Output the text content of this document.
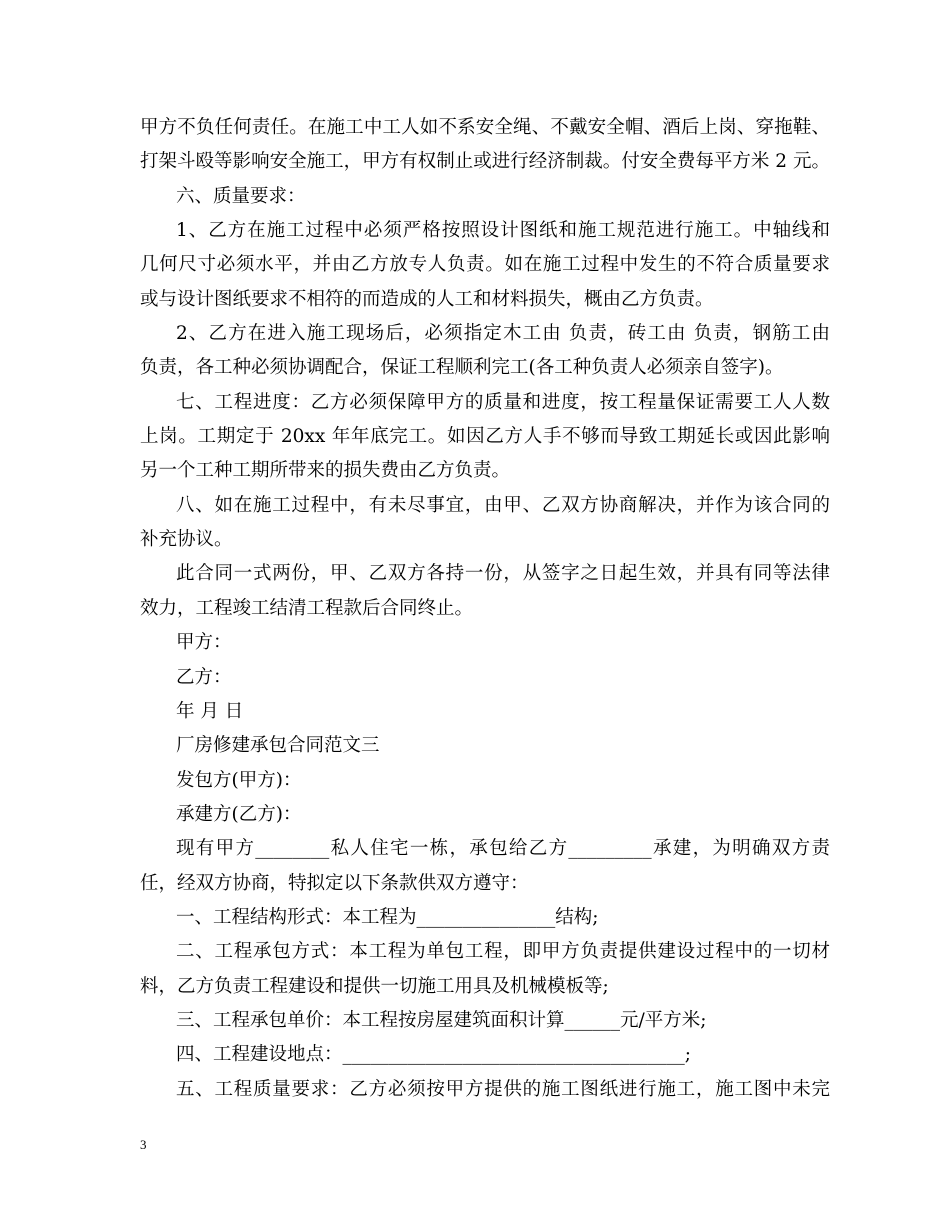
甲方不负任何责任。在施工中工人如不系安全绳、不戴安全帽、酒后上岗、穿拖鞋、
打架斗殴等影响安全施工，甲方有权制止或进行经济制裁。付安全费每平方米 2 元。
六、质量要求：
1、乙方在施工过程中必须严格按照设计图纸和施工规范进行施工。中轴线和
几何尺寸必须水平，并由乙方放专人负责。如在施工过程中发生的不符合质量要求
或与设计图纸要求不相符的而造成的人工和材料损失，概由乙方负责。
2、乙方在进入施工现场后，必须指定木工由 负责，砖工由 负责，钢筋工由
负责，各工种必须协调配合，保证工程顺利完工(各工种负责人必须亲自签字)。
七、工程进度：乙方必须保障甲方的质量和进度，按工程量保证需要工人人数
上岗。工期定于 20xx 年年底完工。如因乙方人手不够而导致工期延长或因此影响
另一个工种工期所带来的损失费由乙方负责。
八、如在施工过程中，有未尽事宜，由甲、乙双方协商解决，并作为该合同的
补充协议。
此合同一式两份，甲、乙双方各持一份，从签字之日起生效，并具有同等法律
效力，工程竣工结清工程款后合同终止。
甲方：
乙方：
年 月 日
厂房修建承包合同范文三
发包方(甲方)：
承建方(乙方)：
现有甲方________私人住宅一栋，承包给乙方_________承建，为明确双方责
任，经双方协商，特拟定以下条款供双方遵守：
一、工程结构形式：本工程为_______________结构;
二、工程承包方式：本工程为单包工程，即甲方负责提供建设过程中的一切材
料，乙方负责工程建设和提供一切施工用具及机械模板等;
三、工程承包单价：本工程按房屋建筑面积计算______元/平方米;
四、工程建设地点：_____________________________________;
五、工程质量要求：乙方必须按甲方提供的施工图纸进行施工，施工图中未完
3
